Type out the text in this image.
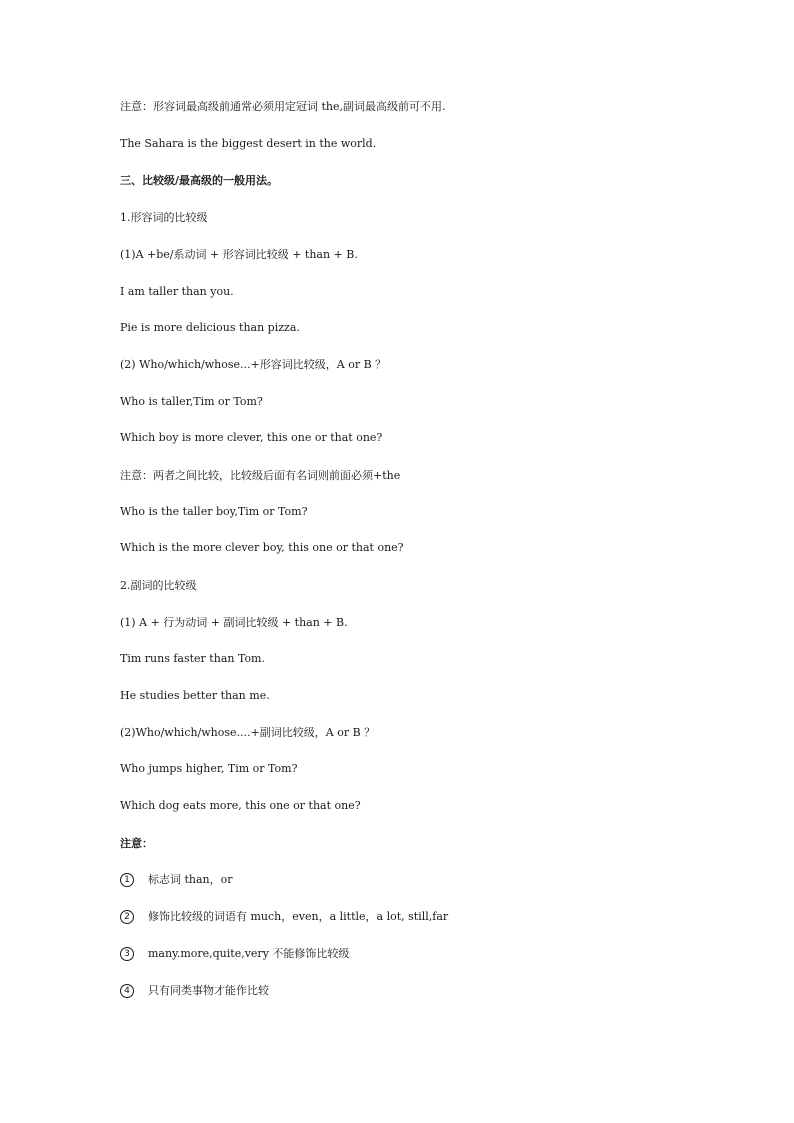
注意：形容词最高级前通常必须用定冠词 the,副词最高级前可不用.
The Sahara is the biggest desert in the world.
三、比较级/最高级的一般用法。
1.形容词的比较级
(1)A +be/系动词 + 形容词比较级 + than + B.
I am taller than you.
Pie is more delicious than pizza.
(2) Who/which/whose...+形容词比较级，A or B ？
Who is taller,Tim or Tom?
Which boy is more clever, this one or that one?
注意：两者之间比较，比较级后面有名词则前面必须+the
Who is the taller boy,Tim or Tom?
Which is the more clever boy, this one or that one?
2.副词的比较级
(1) A + 行为动词 + 副词比较级 + than + B.
Tim runs faster than Tom.
He studies better than me.
(2)Who/which/whose....+副词比较级，A or B ？
Who jumps higher, Tim or Tom?
Which dog eats more, this one or that one?
注意：
1 标志词 than，or
2 修饰比较级的词语有 much，even，a little，a lot, still,far
3 many.more,quite,very 不能修饰比较级
4 只有同类事物才能作比较
